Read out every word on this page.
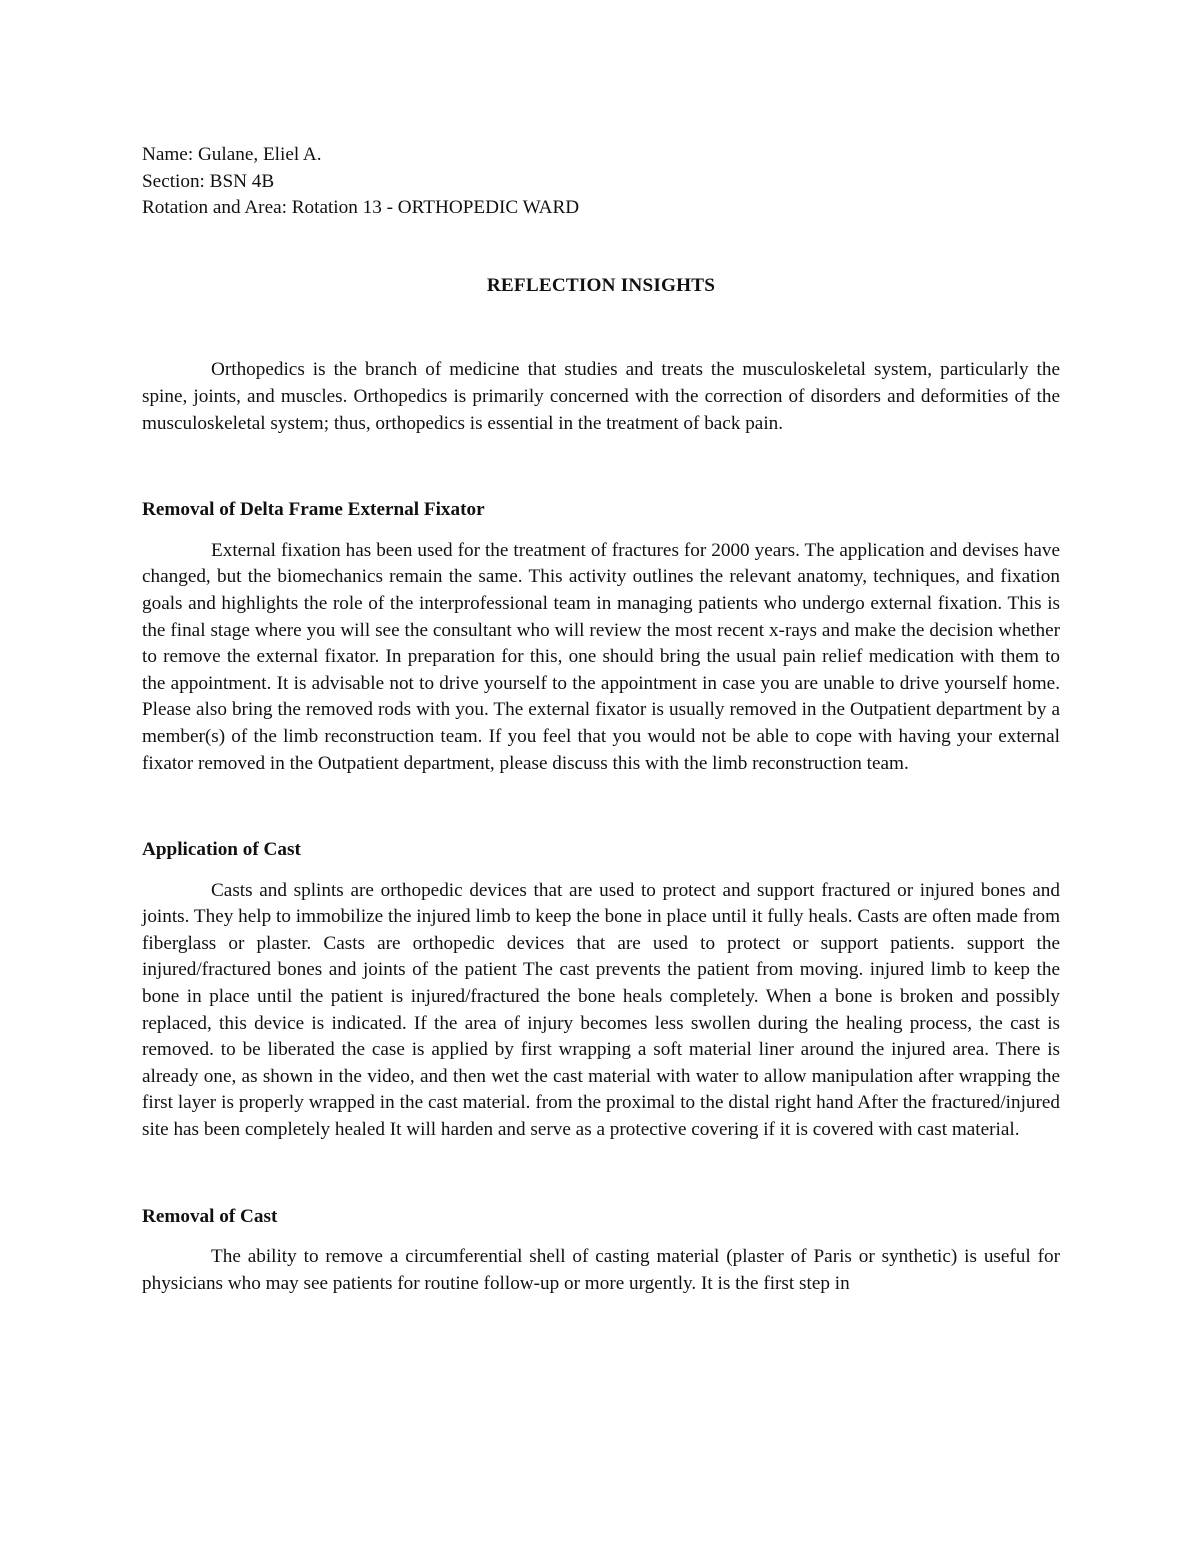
Name: Gulane, Eliel A.

Section: BSN 4B

Rotation and Area: Rotation 13 - ORTHOPEDIC WARD

REFLECTION INSIGHTS

Orthopedics is the branch of medicine that studies and treats the musculoskeletal system, particularly the spine, joints, and muscles. Orthopedics is primarily concerned with the correction of disorders and deformities of the musculoskeletal system; thus, orthopedics is essential in the treatment of back pain.

Removal of Delta Frame External Fixator

External fixation has been used for the treatment of fractures for 2000 years. The application and devises have changed, but the biomechanics remain the same. This activity outlines the relevant anatomy, techniques, and fixation goals and highlights the role of the interprofessional team in managing patients who undergo external fixation. This is the final stage where you will see the consultant who will review the most recent x-rays and make the decision whether to remove the external fixator. In preparation for this, one should bring the usual pain relief medication with them to the appointment. It is advisable not to drive yourself to the appointment in case you are unable to drive yourself home. Please also bring the removed rods with you. The external fixator is usually removed in the Outpatient department by a member(s) of the limb reconstruction team. If you feel that you would not be able to cope with having your external fixator removed in the Outpatient department, please discuss this with the limb reconstruction team.

Application of Cast

Casts and splints are orthopedic devices that are used to protect and support fractured or injured bones and joints. They help to immobilize the injured limb to keep the bone in place until it fully heals. Casts are often made from fiberglass or plaster. Casts are orthopedic devices that are used to protect or support patients. support the injured/fractured bones and joints of the patient The cast prevents the patient from moving. injured limb to keep the bone in place until the patient is injured/fractured the bone heals completely. When a bone is broken and possibly replaced, this device is indicated. If the area of injury becomes less swollen during the healing process, the cast is removed. to be liberated the case is applied by first wrapping a soft material liner around the injured area. There is already one, as shown in the video, and then wet the cast material with water to allow manipulation after wrapping the first layer is properly wrapped in the cast material. from the proximal to the distal right hand After the fractured/injured site has been completely healed It will harden and serve as a protective covering if it is covered with cast material.

Removal of Cast

The ability to remove a circumferential shell of casting material (plaster of Paris or synthetic) is useful for physicians who may see patients for routine follow-up or more urgently. It is the first step in
